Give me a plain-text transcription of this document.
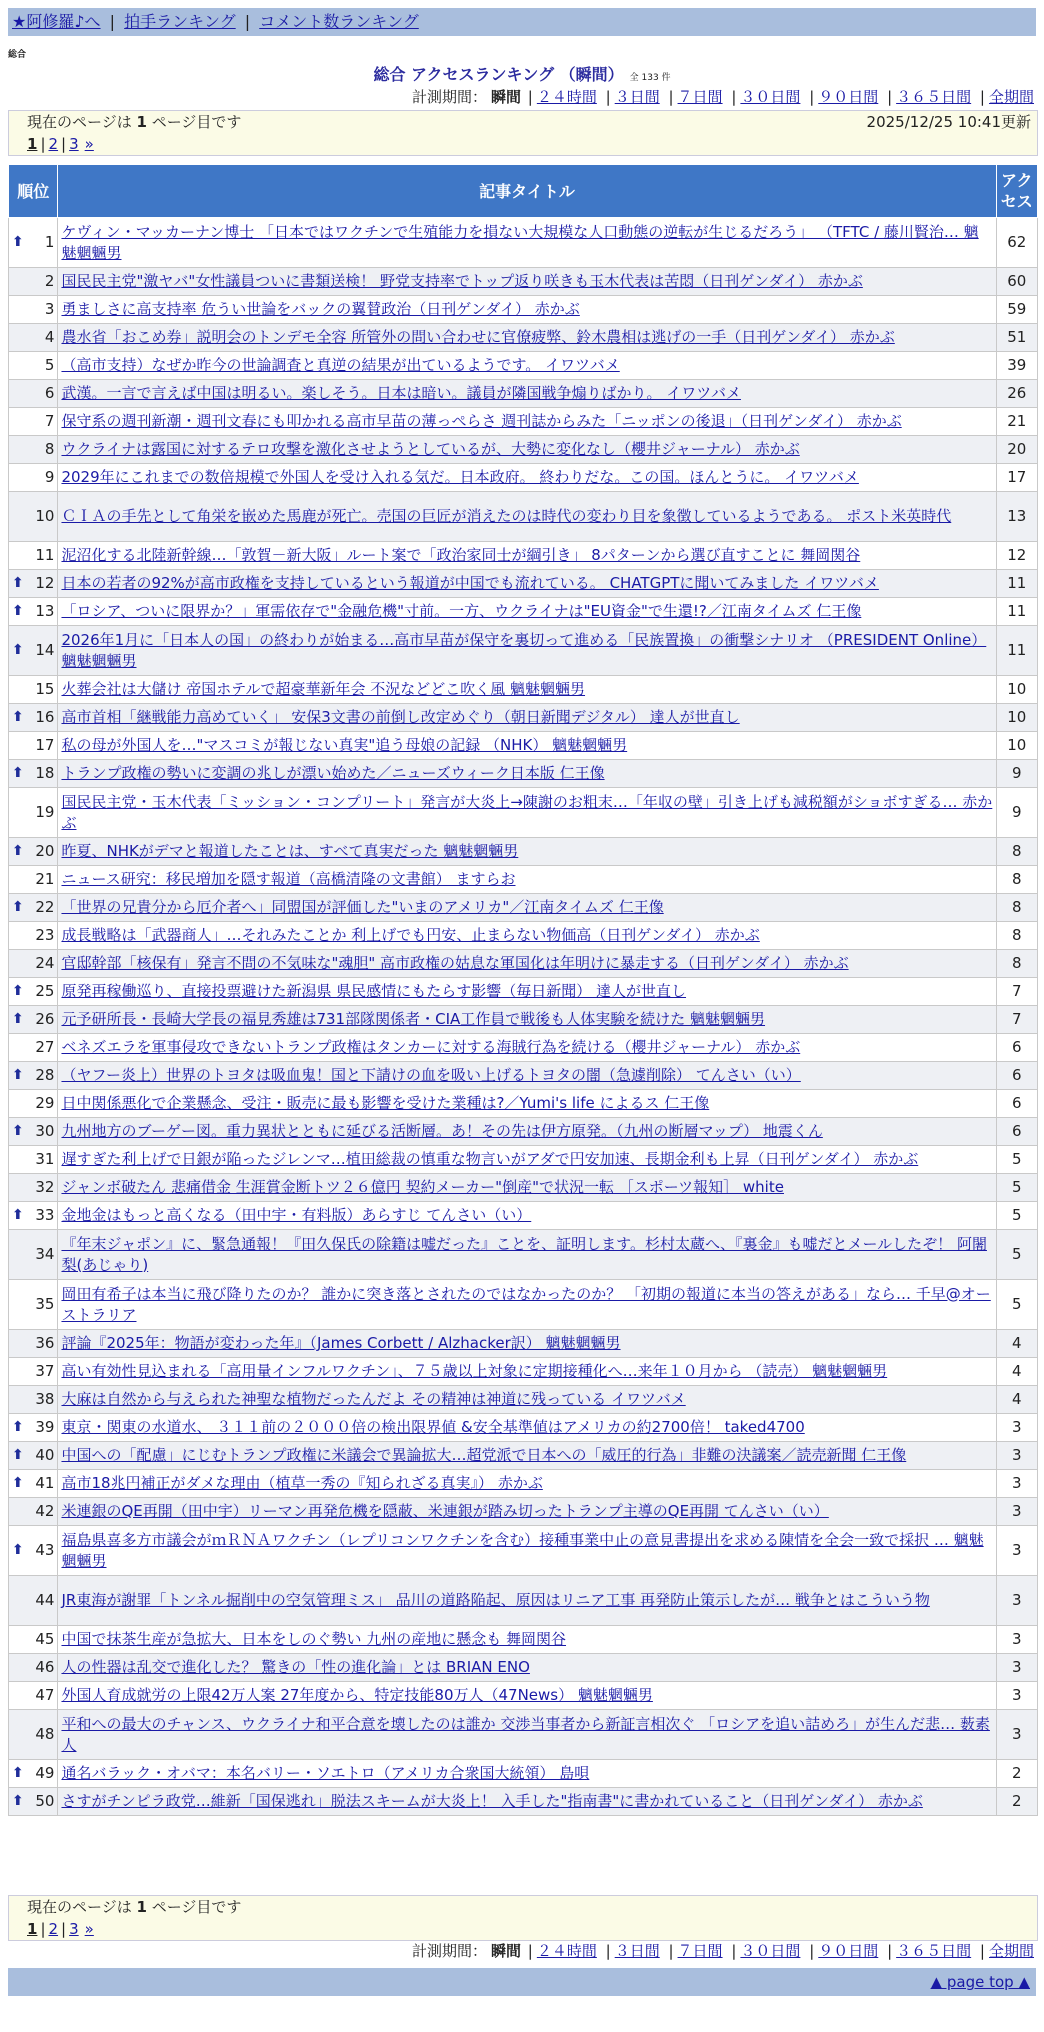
★阿修羅♪へ | 拍手ランキング | コメント数ランキング
総合
総合 アクセスランキング （瞬間） 全 133 件
計測期間： 瞬間 | ２４時間 | ３日間 | ７日間 | ３０日間 | ９０日間 | ３６５日間 | 全期間
現在のページは 1 ページ目です	2025/12/25 10:41更新
1 | 2 | 3 »
順位	記事タイトル	アクセス

⬆ 1	ケヴィン・マッカーナン博士 「日本ではワクチンで生殖能力を損ない大規模な人口動態の逆転が生じるだろう」 （TFTC / 藤川賢治… 魑魅魍魎男	62
2	国民民主党"激ヤバ"女性議員ついに書類送検！ 野党支持率でトップ返り咲きも玉木代表は苦悶（日刊ゲンダイ） 赤かぶ	60
3	勇ましさに高支持率 危うい世論をバックの翼賛政治（日刊ゲンダイ） 赤かぶ	59
4	農水省「おこめ券」説明会のトンデモ全容 所管外の問い合わせに官僚疲弊、鈴木農相は逃げの一手（日刊ゲンダイ） 赤かぶ	51
5	（高市支持）なぜか昨今の世論調査と真逆の結果が出ているようです。 イワツバメ	39
6	武漢。一言で言えば中国は明るい。楽しそう。日本は暗い。議員が隣国戦争煽りばかり。 イワツバメ	26
7	保守系の週刊新潮・週刊文春にも叩かれる高市早苗の薄っぺらさ 週刊誌からみた「ニッポンの後退」（日刊ゲンダイ） 赤かぶ	21
8	ウクライナは露国に対するテロ攻撃を激化させようとしているが、大勢に変化なし（櫻井ジャーナル） 赤かぶ	20
9	2029年にこれまでの数倍規模で外国人を受け入れる気だ。日本政府。 終わりだな。この国。ほんとうに。 イワツバメ	17
10	ＣＩＡの手先として角栄を嵌めた馬鹿が死亡。売国の巨匠が消えたのは時代の変わり目を象徴しているようである。 ポスト米英時代	13
11	泥沼化する北陸新幹線…「敦賀－新大阪」ルート案で「政治家同士が綱引き」 8パターンから選び直すことに 舞岡関谷	12

⬆ 12	日本の若者の92%が高市政権を支持しているという報道が中国でも流れている。 CHATGPTに聞いてみました イワツバメ	11

⬆ 13	「ロシア、ついに限界か？」軍需依存で"金融危機"寸前。一方、ウクライナは"EU資金"で生還!?／江南タイムズ 仁王像	11

⬆ 14	2026年1月に「日本人の国」の終わりが始まる…高市早苗が保守を裏切って進める「民族置換」の衝撃シナリオ （PRESIDENT Online） 魑魅魍魎男	11
15	火葬会社は大儲け 帝国ホテルで超豪華新年会 不況などどこ吹く風 魑魅魍魎男	10

⬆ 16	高市首相「継戦能力高めていく」 安保3文書の前倒し改定めぐり（朝日新聞デジタル） 達人が世直し	10
17	私の母が外国人を…"マスコミが報じない真実"追う母娘の記録 （NHK） 魑魅魍魎男	10

⬆ 18	トランプ政権の勢いに変調の兆しが漂い始めた／ニューズウィーク日本版 仁王像	9
19	国民民主党・玉木代表「ミッション・コンプリート」発言が大炎上→陳謝のお粗末…「年収の壁」引き上げも減税額がショボすぎる… 赤かぶ	9

⬆ 20	昨夏、NHKがデマと報道したことは、すべて真実だった 魑魅魍魎男	8
21	ニュース研究：移民増加を隠す報道（高橋清隆の文書館） ますらお	8

⬆ 22	「世界の兄貴分から厄介者へ」同盟国が評価した"いまのアメリカ"／江南タイムズ 仁王像	8
23	成長戦略は「武器商人」…それみたことか 利上げでも円安、止まらない物価高（日刊ゲンダイ） 赤かぶ	8
24	官邸幹部「核保有」発言不問の不気味な"魂胆" 高市政権の姑息な軍国化は年明けに暴走する（日刊ゲンダイ） 赤かぶ	8

⬆ 25	原発再稼働巡り、直接投票避けた新潟県 県民感情にもたらす影響（毎日新聞） 達人が世直し	7

⬆ 26	元予研所長・長崎大学長の福見秀雄は731部隊関係者・CIA工作員で戦後も人体実験を続けた 魑魅魍魎男	7
27	ベネズエラを軍事侵攻できないトランプ政権はタンカーに対する海賊行為を続ける（櫻井ジャーナル） 赤かぶ	6

⬆ 28	（ヤフー炎上）世界のトヨタは吸血鬼！国と下請けの血を吸い上げるトヨタの闇（急遽削除） てんさい（い）	6
29	日中関係悪化で企業懸念、受注・販売に最も影響を受けた業種は?／Yumi's life によるス 仁王像	6

⬆ 30	九州地方のブーゲー図。重力異状とともに延びる活断層。あ！その先は伊方原発。（九州の断層マップ） 地震くん	6
31	遅すぎた利上げで日銀が陥ったジレンマ…植田総裁の慎重な物言いがアダで円安加速、長期金利も上昇（日刊ゲンダイ） 赤かぶ	5
32	ジャンボ破たん 悲痛借金 生涯賞金断トツ２６億円 契約メーカー"倒産"で状況一転 ［スポーツ報知］ white	5

⬆ 33	金地金はもっと高くなる（田中宇・有料版）あらすじ てんさい（い）	5
34	『年末ジャポン』に、緊急通報！『田久保氏の除籍は嘘だった』ことを、証明します。杉村太蔵へ、『裏金』も嘘だとメールしたぞ！ 阿闍梨(あじゃり)	5
35	岡田有希子は本当に飛び降りたのか？ 誰かに突き落とされたのではなかったのか？ 「初期の報道に本当の答えがある」なら… 千早@オーストラリア	5
36	評論『2025年：物語が変わった年』（James Corbett / Alzhacker訳） 魑魅魍魎男	4
37	高い有効性見込まれる「高用量インフルワクチン」、７５歳以上対象に定期接種化へ…来年１０月から （読売） 魑魅魍魎男	4
38	大麻は自然から与えられた神聖な植物だったんだよ その精神は神道に残っている イワツバメ	4

⬆ 39	東京・関東の水道水、 ３１１前の２０００倍の検出限界値 &安全基準値はアメリカの約2700倍！ taked4700	3

⬆ 40	中国への「配慮」にじむトランプ政権に米議会で異論拡大…超党派で日本への「威圧的行為」非難の決議案／読売新聞 仁王像	3

⬆ 41	高市18兆円補正がダメな理由（植草一秀の『知られざる真実』） 赤かぶ	3
42	米連銀のQE再開（田中宇）リーマン再発危機を隠蔽、米連銀が踏み切ったトランプ主導のQE再開 てんさい（い）	3

⬆ 43	福島県喜多方市議会がｍＲＮＡワクチン（レプリコンワクチンを含む）接種事業中止の意見書提出を求める陳情を全会一致で採択 … 魑魅魍魎男	3
44	JR東海が謝罪「トンネル掘削中の空気管理ミス」 品川の道路陥起、原因はリニア工事 再発防止策示したが… 戦争とはこういう物	3
45	中国で抹茶生産が急拡大、日本をしのぐ勢い 九州の産地に懸念も 舞岡関谷	3
46	人の性器は乱交で進化した？ 驚きの「性の進化論」とは BRIAN ENO	3
47	外国人育成就労の上限42万人案 27年度から、特定技能80万人（47News） 魑魅魍魎男	3
48	平和への最大のチャンス、ウクライナ和平合意を壊したのは誰か 交渉当事者から新証言相次ぐ 「ロシアを追い詰めろ」が生んだ悲… 薮素人	3

⬆ 49	通名バラック・オバマ：本名バリー・ソエトロ（アメリカ合衆国大統領） 島唄	2

⬆ 50	さすがチンピラ政党…維新「国保逃れ」脱法スキームが大炎上！ 入手した"指南書"に書かれていること（日刊ゲンダイ） 赤かぶ	2
現在のページは 1 ページ目です
1 | 2 | 3 »
計測期間： 瞬間 | ２４時間 | ３日間 | ７日間 | ３０日間 | ９０日間 | ３６５日間 | 全期間
▲ page top ▲
